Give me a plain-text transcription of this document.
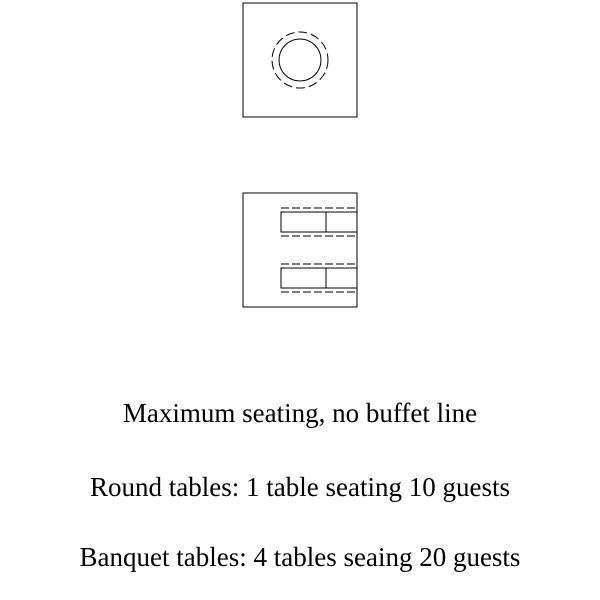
Maximum seating, no buffet line
Round tables: 1 table seating 10 guests
Banquet tables: 4 tables seaing 20 guests
